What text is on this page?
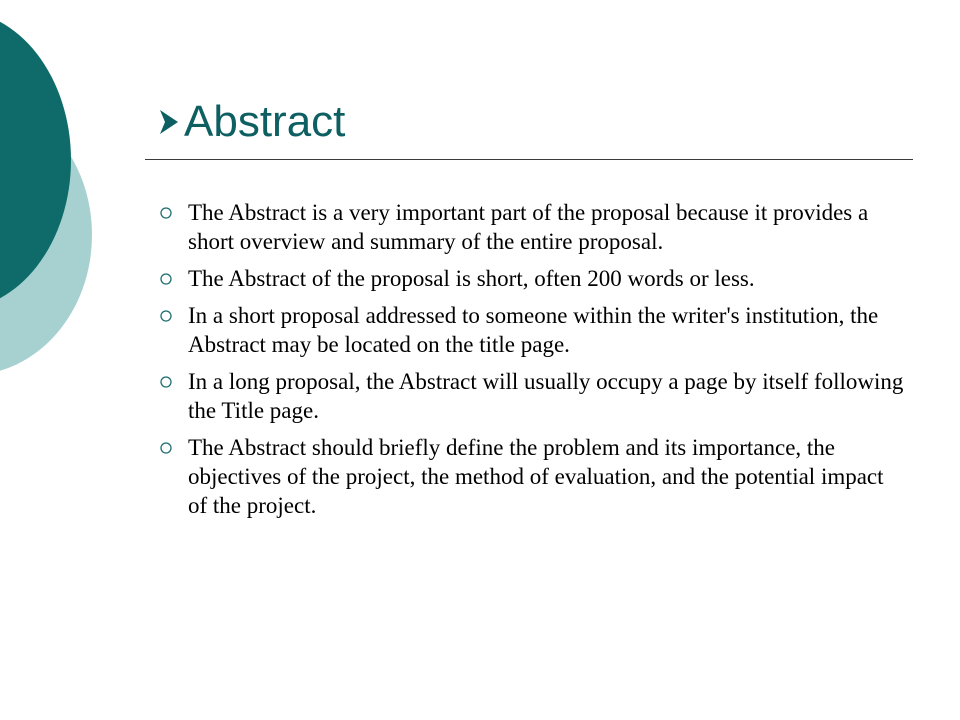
Abstract
The Abstract is a very important part of the proposal because it provides a short overview and summary of the entire proposal.
The Abstract of the proposal is short, often 200 words or less.
In a short proposal addressed to someone within the writer's institution, the Abstract may be located on the title page.
In a long proposal, the Abstract will usually occupy a page by itself following the Title page.
The Abstract should briefly define the problem and its importance, the objectives of the project, the method of evaluation, and the potential impact of the project.
